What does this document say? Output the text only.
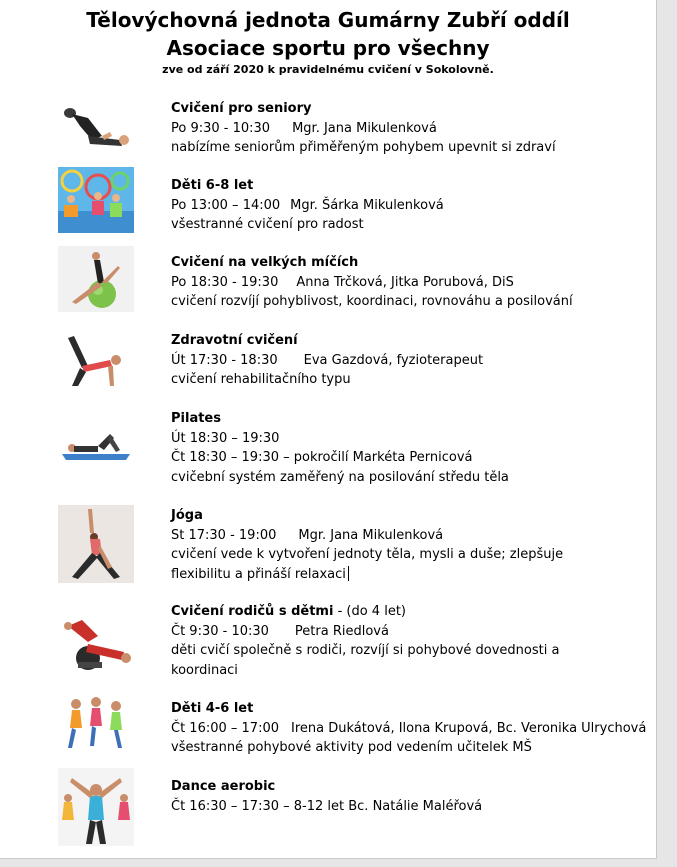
Tělovýchovná jednota Gumárny Zubří oddíl
Asociace sportu pro všechny
zve od září 2020 k pravidelnému cvičení v Sokolovně.
Cvičení pro seniory
Po 9:30 - 10:30 Mgr. Jana Mikulenková
nabízíme seniorům přiměřeným pohybem upevnit si zdraví
Děti 6-8 let
Po 13:00 – 14:00 Mgr. Šárka Mikulenková
všestranné cvičení pro radost
Cvičení na velkých míčích
Po 18:30 - 19:30 Anna Trčková, Jitka Porubová, DiS
cvičení rozvíjí pohyblivost, koordinaci, rovnováhu a posilování
Zdravotní cvičení
Út 17:30 - 18:30 Eva Gazdová, fyzioterapeut
cvičení rehabilitačního typu
Pilates
Út 18:30 – 19:30
Čt 18:30 – 19:30 – pokročilí Markéta Pernicová
cvičební systém zaměřený na posilování středu těla
Jóga
St 17:30 - 19:00 Mgr. Jana Mikulenková
cvičení vede k vytvoření jednoty těla, mysli a duše; zlepšuje flexibilitu a přináší relaxaci
Cvičení rodičů s dětmi - (do 4 let)
Čt 9:30 - 10:30 Petra Riedlová
děti cvičí společně s rodiči, rozvíjí si pohybové dovednosti a koordinaci
Děti 4-6 let
Čt 16:00 – 17:00 Irena Dukátová, Ilona Krupová, Bc. Veronika Ulrychová
všestranné pohybové aktivity pod vedením učitelek MŠ
Dance aerobic
Čt 16:30 – 17:30 – 8-12 let Bc. Natálie Maléřová
